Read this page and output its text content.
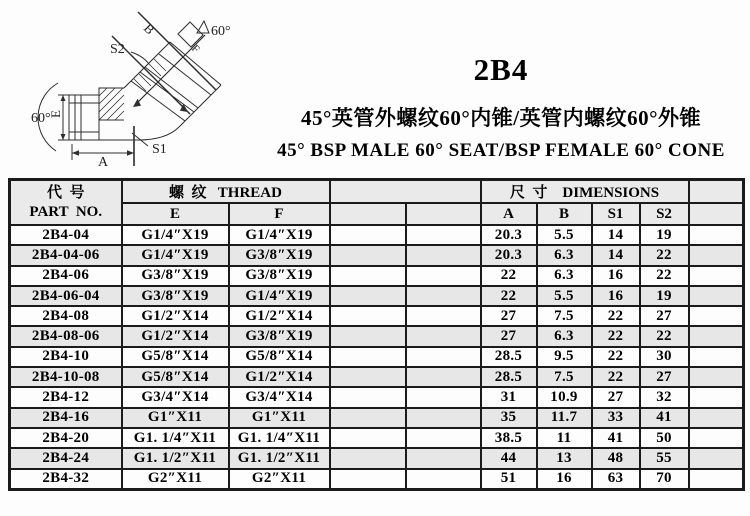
S2
B	60°
F
60°
E
A
S1
2B4
45°英管外螺纹60°内锥/英管内螺纹60°外锥
45° BSP MALE 60° SEAT/BSP FEMALE 60° CONE
代  号
PART  NO.	螺  纹   THREAD				尺  寸    DIMENSIONS				
	E	F			A	B	S1	S2	
2B4-04	G1/4″X19	G1/4″X19			20.3	5.5	14	19	
2B4-04-06	G1/4″X19	G3/8″X19			20.3	6.3	14	22	
2B4-06	G3/8″X19	G3/8″X19			22	6.3	16	22	
2B4-06-04	G3/8″X19	G1/4″X19			22	5.5	16	19	
2B4-08	G1/2″X14	G1/2″X14			27	7.5	22	27	
2B4-08-06	G1/2″X14	G3/8″X19			27	6.3	22	22	
2B4-10	G5/8″X14	G5/8″X14			28.5	9.5	22	30	
2B4-10-08	G5/8″X14	G1/2″X14			28.5	7.5	22	27	
2B4-12	G3/4″X14	G3/4″X14			31	10.9	27	32	
2B4-16	G1″X11	G1″X11			35	11.7	33	41	
2B4-20	G1. 1/4″X11	G1. 1/4″X11			38.5	11	41	50	
2B4-24	G1. 1/2″X11	G1. 1/2″X11			44	13	48	55	
2B4-32	G2″X11	G2″X11			51	16	63	70	
